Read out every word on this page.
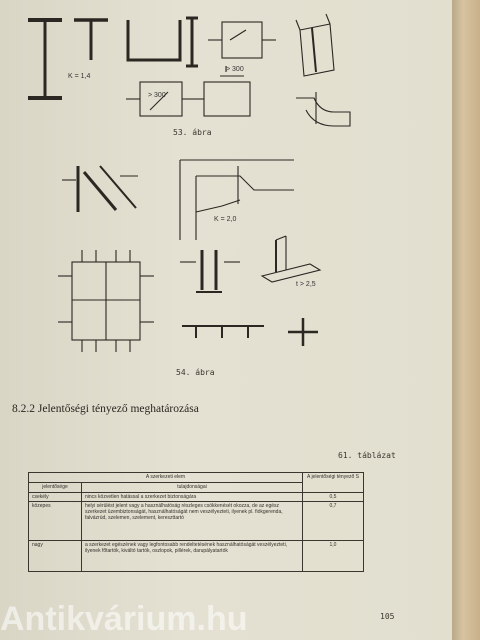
K = 1,4
> 300
> 300
53. ábra
K = 2,0
t > 2,5
54. ábra
8.2.2 Jelentőségi tényező meghatározása
61. táblázat
A szerkezeti elem		A jelentőségi tényező S
jelentősége	tulajdonságai	
csekély	nincs közvetlen hatással a szerkezet biztonságára	0,5
közepes	helyi sérülést jelent vagy a használhatóság részleges csökkenését okozza, de az egész szerkezet üzembiztonságát, használhatóságát nem veszélyezteti, ilyenek pl. fiókgerenda, falvázrúd, szelemen, szelement, kereszttartó	0,7
nagy	a szerkezet egészének vagy legfontosabb rendeltetésének használhatóságát veszélyezteti, ilyenek főtartók, kiváltó tartók, oszlopok, pillérek, darupályatartók	1,0
105
Antikvárium.hu
